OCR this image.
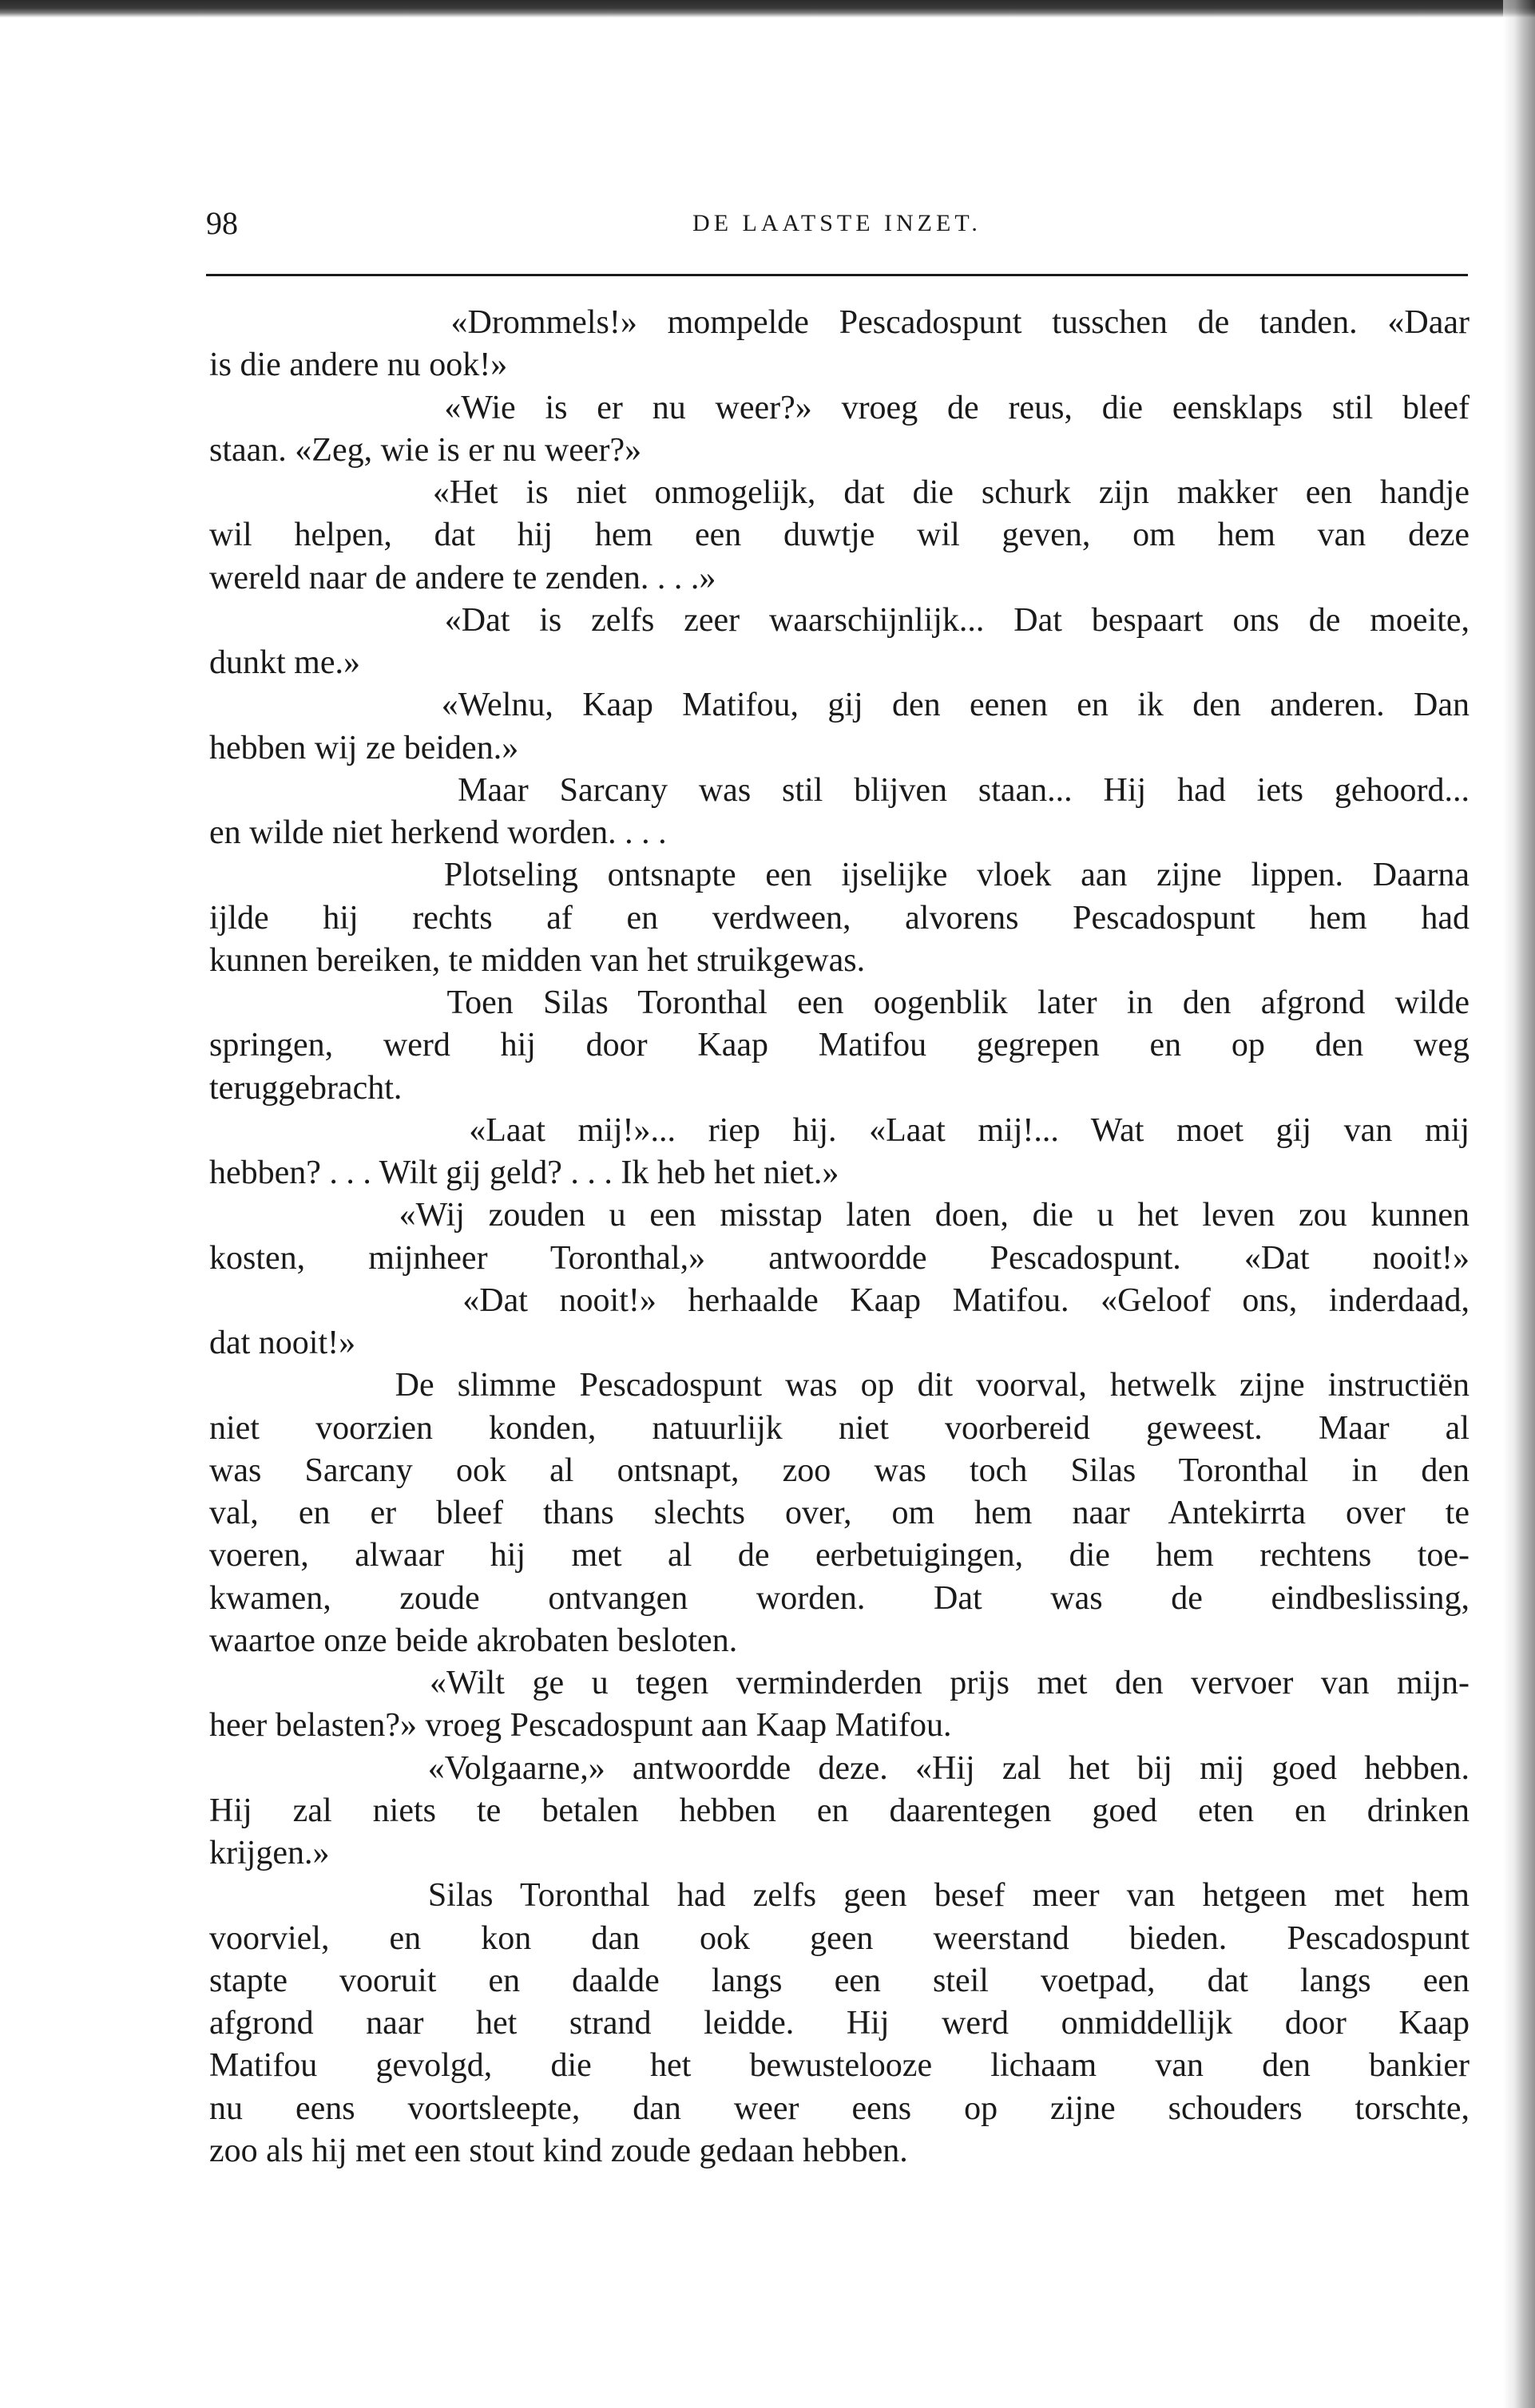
DE LAATSTE INZET.
98
«Drommels!» mompelde Pescadospunt tusschen de tanden. «Daar
is die andere nu ook!»
«Wie is er nu weer?» vroeg de reus, die eensklaps stil bleef
staan. «Zeg, wie is er nu weer?»
«Het is niet onmogelijk, dat die schurk zijn makker een handje
wil helpen, dat hij hem een duwtje wil geven, om hem van deze
wereld naar de andere te zenden. . . .»
«Dat is zelfs zeer waarschijnlijk... Dat bespaart ons de moeite,
dunkt me.»
«Welnu, Kaap Matifou, gij den eenen en ik den anderen. Dan
hebben wij ze beiden.»
Maar Sarcany was stil blijven staan... Hij had iets gehoord...
en wilde niet herkend worden. . . .
Plotseling ontsnapte een ijselijke vloek aan zijne lippen. Daarna
ijlde hij rechts af en verdween, alvorens Pescadospunt hem had
kunnen bereiken, te midden van het struikgewas.
Toen Silas Toronthal een oogenblik later in den afgrond wilde
springen, werd hij door Kaap Matifou gegrepen en op den weg
teruggebracht.
«Laat mij!»... riep hij. «Laat mij!... Wat moet gij van mij
hebben? . . . Wilt gij geld? . . . Ik heb het niet.»
«Wij zouden u een misstap laten doen, die u het leven zou kunnen
kosten, mijnheer Toronthal,» antwoordde Pescadospunt. «Dat nooit!»
«Dat nooit!» herhaalde Kaap Matifou. «Geloof ons, inderdaad,
dat nooit!»
De slimme Pescadospunt was op dit voorval, hetwelk zijne instructiën
niet voorzien konden, natuurlijk niet voorbereid geweest. Maar al
was Sarcany ook al ontsnapt, zoo was toch Silas Toronthal in den
val, en er bleef thans slechts over, om hem naar Antekirrta over te
voeren, alwaar hij met al de eerbetuigingen, die hem rechtens toe-
kwamen, zoude ontvangen worden. Dat was de eindbeslissing,
waartoe onze beide akrobaten besloten.
«Wilt ge u tegen verminderden prijs met den vervoer van mijn-
heer belasten?» vroeg Pescadospunt aan Kaap Matifou.
«Volgaarne,» antwoordde deze. «Hij zal het bij mij goed hebben.
Hij zal niets te betalen hebben en daarentegen goed eten en drinken
krijgen.»
Silas Toronthal had zelfs geen besef meer van hetgeen met hem
voorviel, en kon dan ook geen weerstand bieden. Pescadospunt
stapte vooruit en daalde langs een steil voetpad, dat langs een
afgrond naar het strand leidde. Hij werd onmiddellijk door Kaap
Matifou gevolgd, die het bewustelooze lichaam van den bankier
nu eens voortsleepte, dan weer eens op zijne schouders torschte,
zoo als hij met een stout kind zoude gedaan hebben.
